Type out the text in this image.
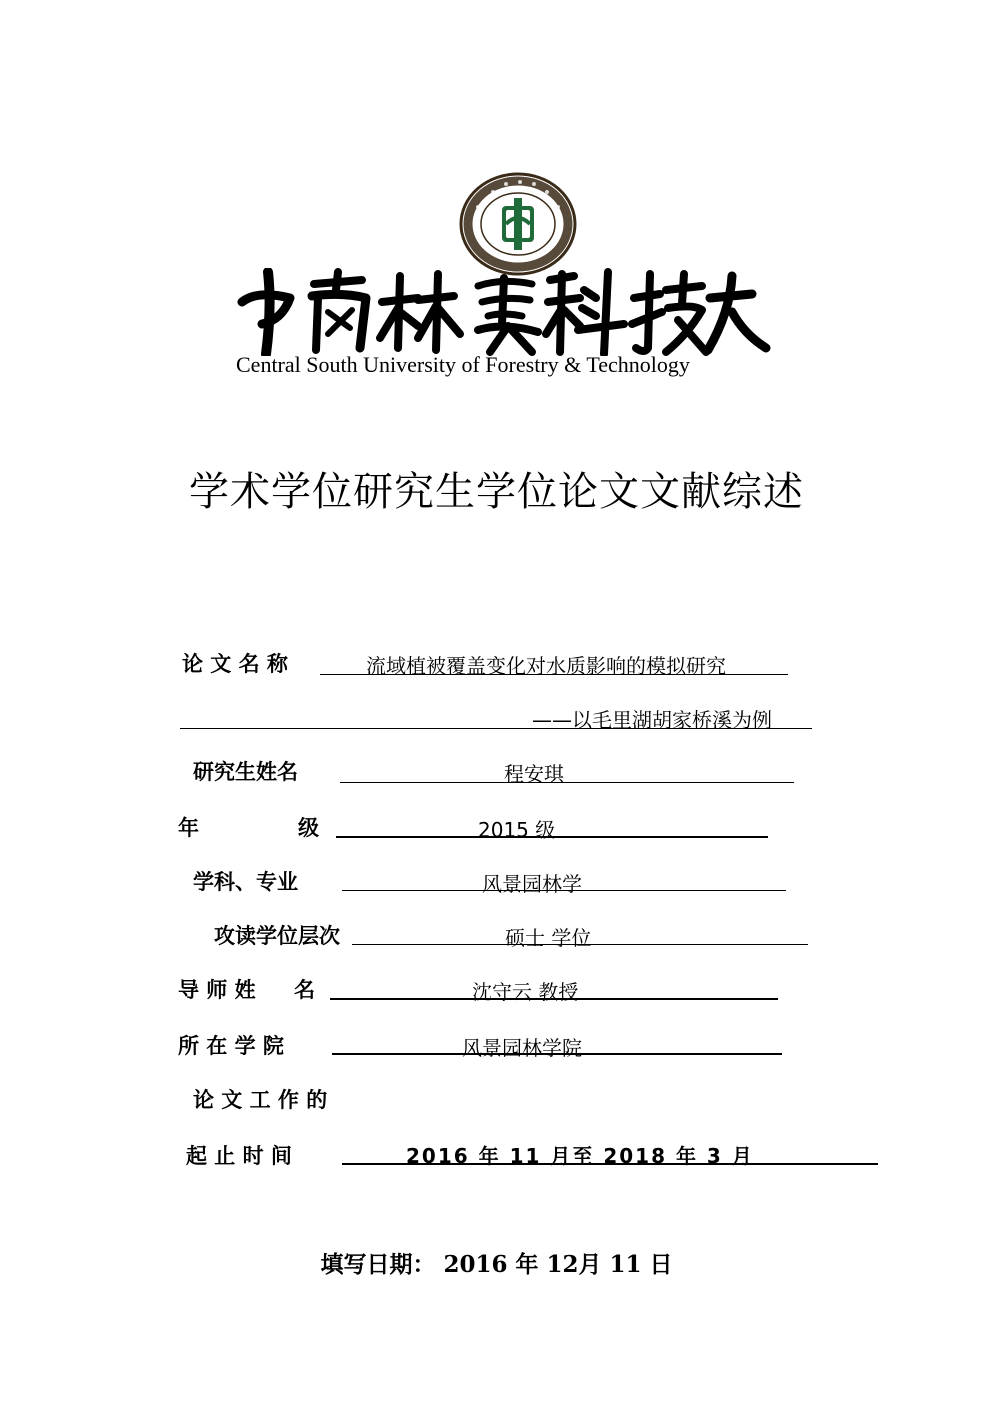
Central South University of Forestry & Technology
学术学位研究生学位论文文献综述
论 文 名 称	流域植被覆盖变化对水质影响的模拟研究
——以毛里湖胡家桥溪为例
研究生姓名	程安琪
年	级	2015 级
学科、专业	风景园林学
攻读学位层次	硕士 学位
导 师 姓 名	沈守云 教授
所 在 学 院	风景园林学院
论 文 工 作 的
起 止 时 间	2016 年 11 月至 2018 年 3 月
填写日期： 2016 年 12月 11 日
